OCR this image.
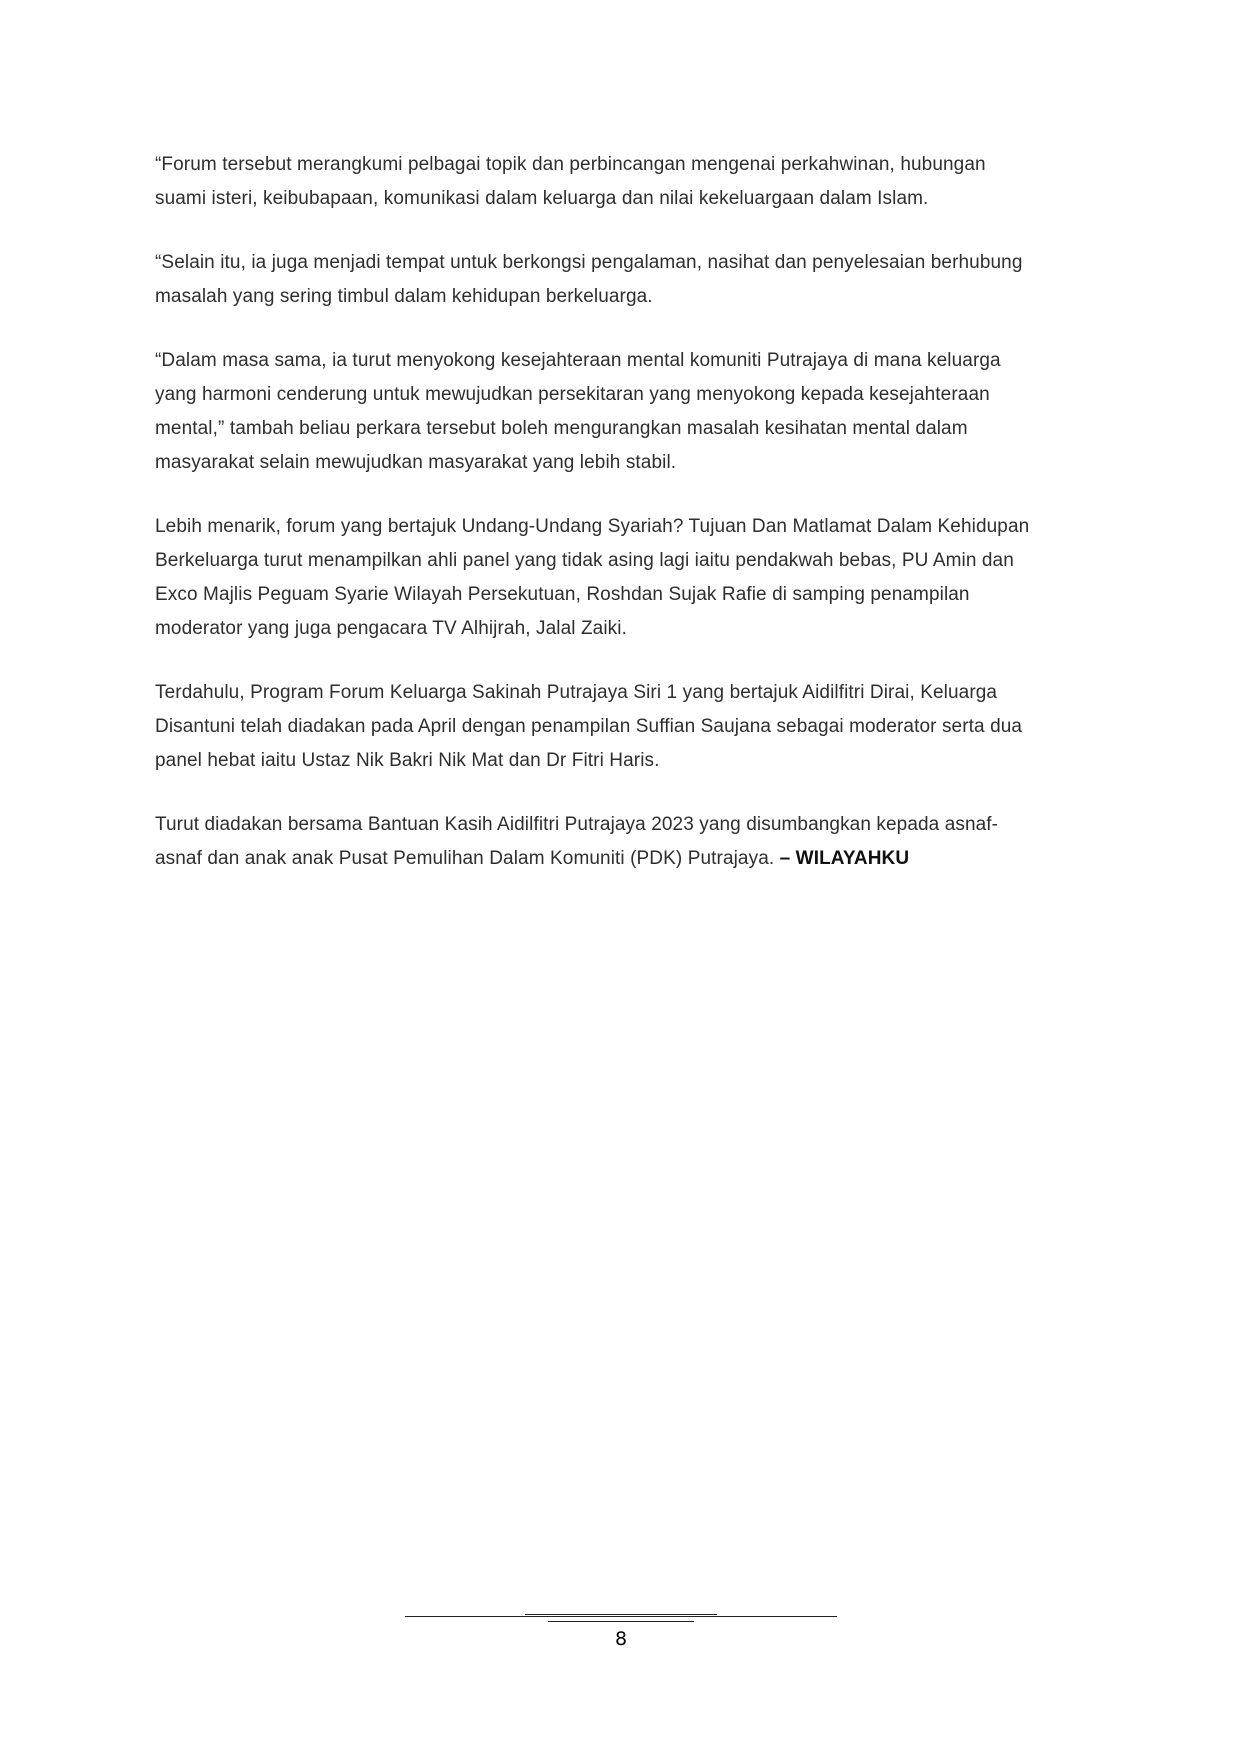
“Forum tersebut merangkumi pelbagai topik dan perbincangan mengenai perkahwinan, hubungan
suami isteri, keibubapaan, komunikasi dalam keluarga dan nilai kekeluargaan dalam Islam.

“Selain itu, ia juga menjadi tempat untuk berkongsi pengalaman, nasihat dan penyelesaian berhubung
masalah yang sering timbul dalam kehidupan berkeluarga.

“Dalam masa sama, ia turut menyokong kesejahteraan mental komuniti Putrajaya di mana keluarga
yang harmoni cenderung untuk mewujudkan persekitaran yang menyokong kepada kesejahteraan
mental,” tambah beliau perkara tersebut boleh mengurangkan masalah kesihatan mental dalam
masyarakat selain mewujudkan masyarakat yang lebih stabil.

Lebih menarik, forum yang bertajuk Undang-Undang Syariah? Tujuan Dan Matlamat Dalam Kehidupan
Berkeluarga turut menampilkan ahli panel yang tidak asing lagi iaitu pendakwah bebas, PU Amin dan
Exco Majlis Peguam Syarie Wilayah Persekutuan, Roshdan Sujak Rafie di samping penampilan
moderator yang juga pengacara TV Alhijrah, Jalal Zaiki.

Terdahulu, Program Forum Keluarga Sakinah Putrajaya Siri 1 yang bertajuk Aidilfitri Dirai, Keluarga
Disantuni telah diadakan pada April dengan penampilan Suffian Saujana sebagai moderator serta dua
panel hebat iaitu Ustaz Nik Bakri Nik Mat dan Dr Fitri Haris.

Turut diadakan bersama Bantuan Kasih Aidilfitri Putrajaya 2023 yang disumbangkan kepada asnaf-
asnaf dan anak anak Pusat Pemulihan Dalam Komuniti (PDK) Putrajaya. – WILAYAHKU

8
